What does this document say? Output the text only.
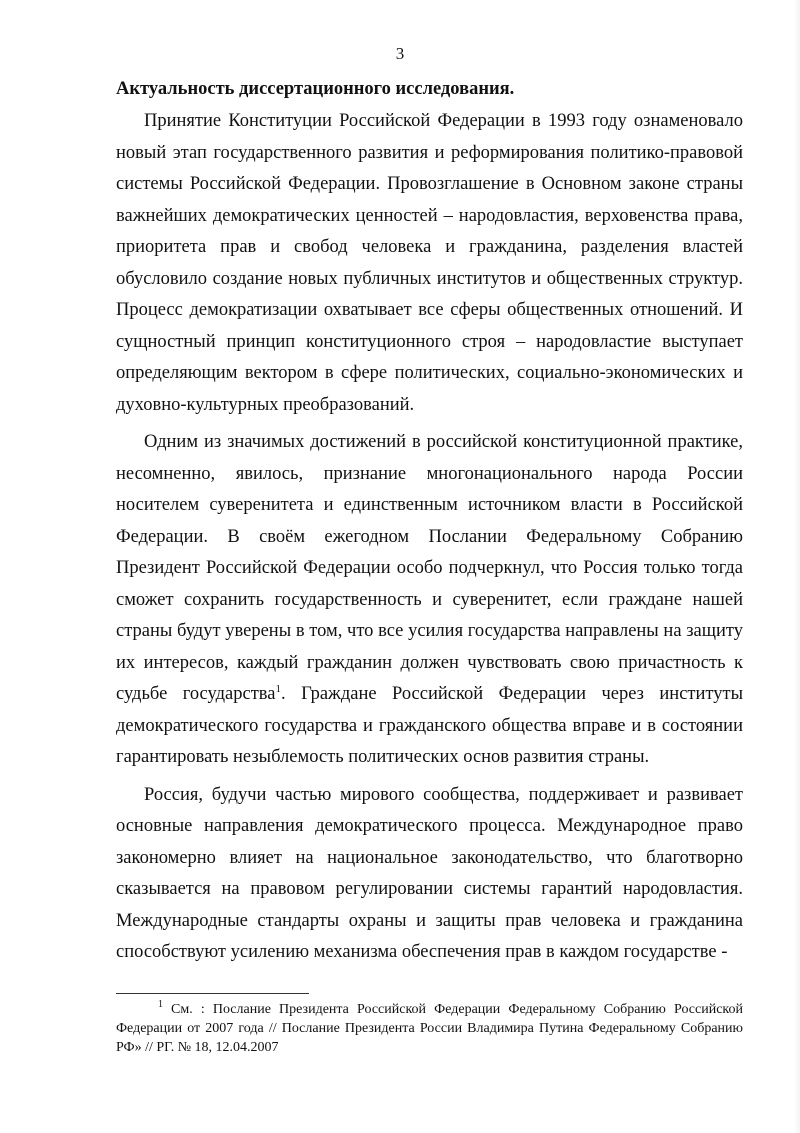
3
Актуальность диссертационного исследования.

Принятие Конституции Российской Федерации в 1993 году ознаменовало новый этап государственного развития и реформирования политико-правовой системы Российской Федерации. Провозглашение в Основном законе страны важнейших демократических ценностей – народовластия, верховенства права, приоритета прав и свобод человека и гражданина, разделения властей обусловило создание новых публичных институтов и общественных структур. Процесс демократизации охватывает все сферы общественных отношений. И сущностный принцип конституционного строя – народовластие выступает определяющим вектором в сфере политических, социально-экономических и духовно-культурных преобразований.

Одним из значимых достижений в российской конституционной практике, несомненно, явилось, признание многонационального народа России носителем суверенитета и единственным источником власти в Российской Федерации. В своём ежегодном Послании Федеральному Собранию Президент Российской Федерации особо подчеркнул, что Россия только тогда сможет сохранить государственность и суверенитет, если граждане нашей страны будут уверены в том, что все усилия государства направлены на защиту их интересов, каждый гражданин должен чувствовать свою причастность к судьбе государства$^1$. Граждане Российской Федерации через институты демократического государства и гражданского общества вправе и в состоянии гарантировать незыблемость политических основ развития страны.

Россия, будучи частью мирового сообщества, поддерживает и развивает основные направления демократического процесса. Международное право закономерно влияет на национальное законодательство, что благотворно сказывается на правовом регулировании системы гарантий народовластия. Международные стандарты охраны и защиты прав человека и гражданина способствуют усилению механизма обеспечения прав в каждом государстве -

$^1$ См. : Послание Президента Российской Федерации Федеральному Собранию Российской Федерации от 2007 года // Послание Президента России Владимира Путина Федеральному Собранию РФ» // РГ. № 18, 12.04.2007
